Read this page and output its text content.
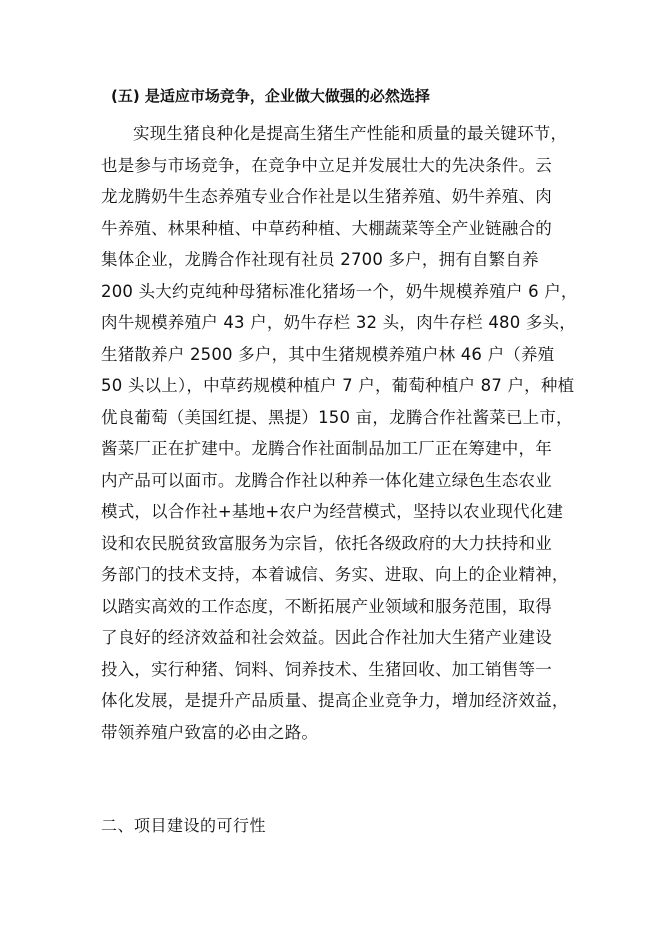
(五) 是适应市场竞争，企业做大做强的必然选择
实现生猪良种化是提高生猪生产性能和质量的最关键环节，
也是参与市场竞争，在竞争中立足并发展壮大的先决条件。云
龙龙腾奶牛生态养殖专业合作社是以生猪养殖、奶牛养殖、肉
牛养殖、林果种植、中草药种植、大棚蔬菜等全产业链融合的
集体企业，龙腾合作社现有社员 2700 多户，拥有自繁自养
200 头大约克纯种母猪标准化猪场一个，奶牛规模养殖户 6 户，
肉牛规模养殖户 43 户，奶牛存栏 32 头，肉牛存栏 480 多头，
生猪散养户 2500 多户，其中生猪规模养殖户林 46 户（养殖
50 头以上），中草药规模种植户 7 户，葡萄种植户 87 户，种植
优良葡萄（美国红提、黑提）150 亩，龙腾合作社酱菜已上市，
酱菜厂正在扩建中。龙腾合作社面制品加工厂正在筹建中，年
内产品可以面市。龙腾合作社以种养一体化建立绿色生态农业
模式，以合作社+基地+农户为经营模式，坚持以农业现代化建
设和农民脱贫致富服务为宗旨，依托各级政府的大力扶持和业
务部门的技术支持，本着诚信、务实、进取、向上的企业精神，
以踏实高效的工作态度，不断拓展产业领域和服务范围，取得
了良好的经济效益和社会效益。因此合作社加大生猪产业建设
投入，实行种猪、饲料、饲养技术、生猪回收、加工销售等一
体化发展，是提升产品质量、提高企业竞争力，增加经济效益，
带领养殖户致富的必由之路。
二、项目建设的可行性
